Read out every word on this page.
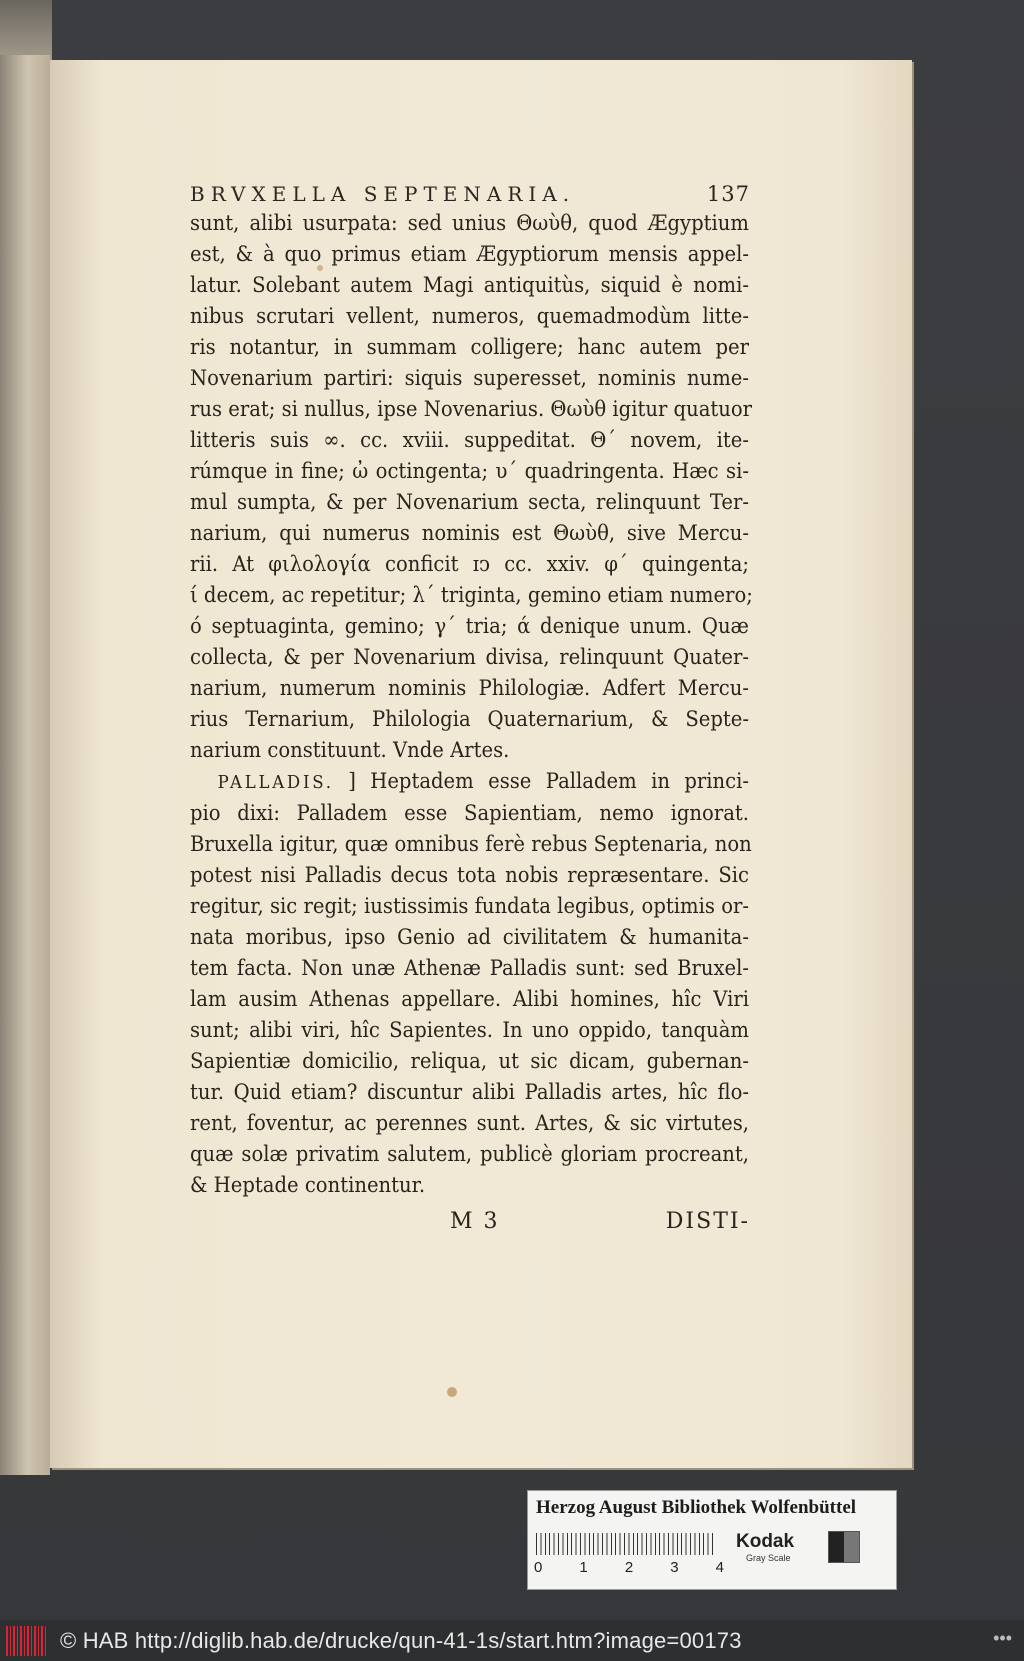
BRVXELLA SEPTENARIA.	137
sunt, alibi usurpata: sed unius Θωὺθ, quod Ægyptium
est, & à quo primus etiam Ægyptiorum mensis appel-
latur. Solebant autem Magi antiquitùs, siquid è nomi-
nibus scrutari vellent, numeros, quemadmodùm litte-
ris notantur, in summam colligere; hanc autem per
Novenarium partiri: siquis superesset, nominis nume-
rus erat; si nullus, ipse Novenarius. Θωὺθ igitur quatuor
litteris suis ∞. cc. xviii. suppeditat. Θ´ novem, ite-
rúmque in fine; ὠ octingenta; υ´ quadringenta. Hæc si-
mul sumpta, & per Novenarium secta, relinquunt Ter-
narium, qui numerus nominis est Θωὺθ, sive Mercu-
rii. At φιλολογία conficit ɪↄ cc. xxiv. φ´ quingenta;
ί decem, ac repetitur; λ´ triginta, gemino etiam numero;
ό septuaginta, gemino; γ´ tria; ά denique unum. Quæ
collecta, & per Novenarium divisa, relinquunt Quater-
narium, numerum nominis Philologiæ. Adfert Mercu-
rius Ternarium, Philologia Quaternarium, & Septe-
narium constituunt. Vnde Artes.
PALLADIS. ] Heptadem esse Palladem in princi-
pio dixi: Palladem esse Sapientiam, nemo ignorat.
Bruxella igitur, quæ omnibus ferè rebus Septenaria, non
potest nisi Palladis decus tota nobis repræsentare. Sic
regitur, sic regit; iustissimis fundata legibus, optimis or-
nata moribus, ipso Genio ad civilitatem & humanita-
tem facta. Non unæ Athenæ Palladis sunt: sed Bruxel-
lam ausim Athenas appellare. Alibi homines, hîc Viri
sunt; alibi viri, hîc Sapientes. In uno oppido, tanquàm
Sapientiæ domicilio, reliqua, ut sic dicam, gubernan-
tur. Quid etiam? discuntur alibi Palladis artes, hîc flo-
rent, foventur, ac perennes sunt. Artes, & sic virtutes,
quæ solæ privatim salutem, publicè gloriam procreant,
& Heptade continentur.
M 3	DISTI-
Herzog August Bibliothek Wolfenbüttel
0 1 2 3 4
Kodak
Gray Scale
© HAB http://diglib.hab.de/drucke/qun-41-1s/start.htm?image=00173	•••
